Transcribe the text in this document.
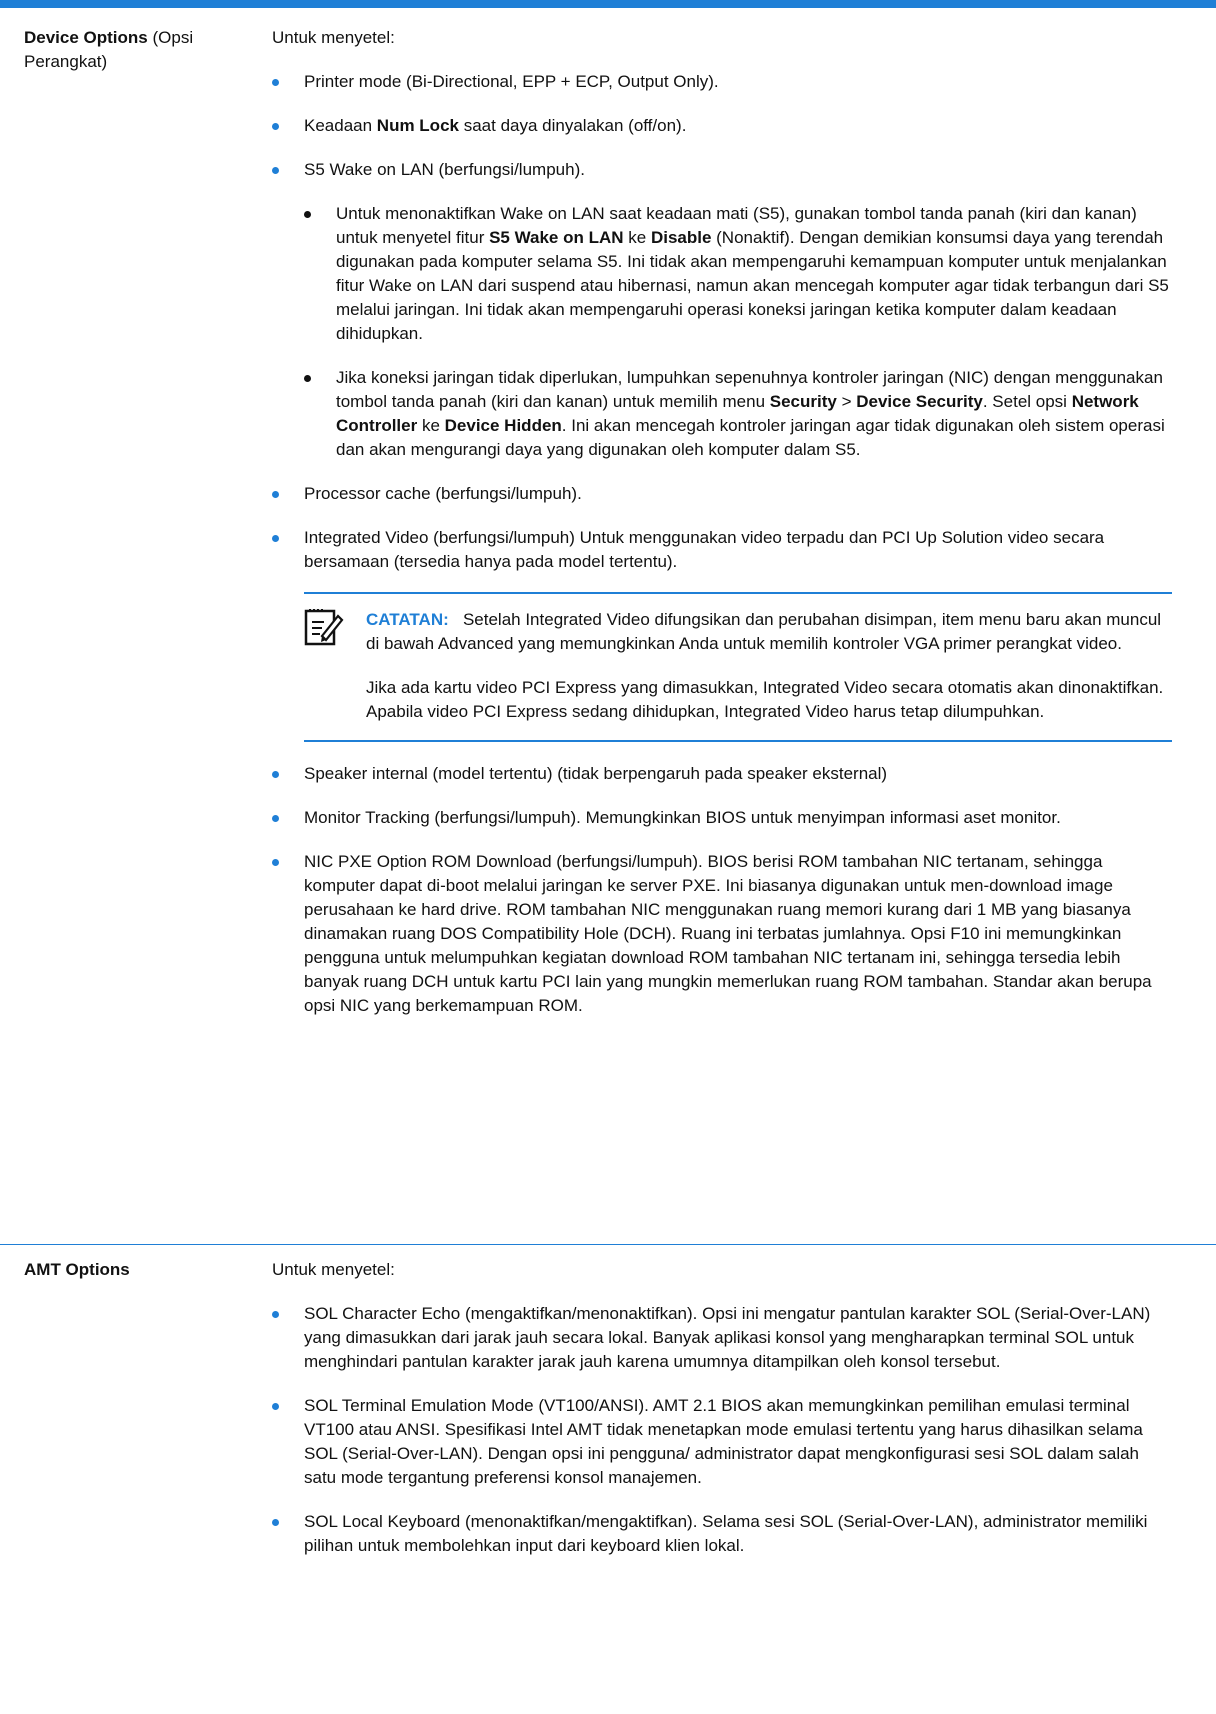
Device Options (Opsi Perangkat)

Untuk menyetel:

Printer mode (Bi-Directional, EPP + ECP, Output Only).
Keadaan Num Lock saat daya dinyalakan (off/on).
S5 Wake on LAN (berfungsi/lumpuh).
Untuk menonaktifkan Wake on LAN saat keadaan mati (S5), gunakan tombol tanda panah (kiri dan kanan) untuk menyetel fitur S5 Wake on LAN ke Disable (Nonaktif). Dengan demikian konsumsi daya yang terendah digunakan pada komputer selama S5. Ini tidak akan mempengaruhi kemampuan komputer untuk menjalankan fitur Wake on LAN dari suspend atau hibernasi, namun akan mencegah komputer agar tidak terbangun dari S5 melalui jaringan. Ini tidak akan mempengaruhi operasi koneksi jaringan ketika komputer dalam keadaan dihidupkan.
Jika koneksi jaringan tidak diperlukan, lumpuhkan sepenuhnya kontroler jaringan (NIC) dengan menggunakan tombol tanda panah (kiri dan kanan) untuk memilih menu Security > Device Security. Setel opsi Network Controller ke Device Hidden. Ini akan mencegah kontroler jaringan agar tidak digunakan oleh sistem operasi dan akan mengurangi daya yang digunakan oleh komputer dalam S5.
Processor cache (berfungsi/lumpuh).
Integrated Video (berfungsi/lumpuh) Untuk menggunakan video terpadu dan PCI Up Solution video secara bersamaan (tersedia hanya pada model tertentu).

CATATAN: Setelah Integrated Video difungsikan dan perubahan disimpan, item menu baru akan muncul di bawah Advanced yang memungkinkan Anda untuk memilih kontroler VGA primer perangkat video.

Jika ada kartu video PCI Express yang dimasukkan, Integrated Video secara otomatis akan dinonaktifkan. Apabila video PCI Express sedang dihidupkan, Integrated Video harus tetap dilumpuhkan.

Speaker internal (model tertentu) (tidak berpengaruh pada speaker eksternal)
Monitor Tracking (berfungsi/lumpuh). Memungkinkan BIOS untuk menyimpan informasi aset monitor.
NIC PXE Option ROM Download (berfungsi/lumpuh). BIOS berisi ROM tambahan NIC tertanam, sehingga komputer dapat di-boot melalui jaringan ke server PXE. Ini biasanya digunakan untuk men-download image perusahaan ke hard drive. ROM tambahan NIC menggunakan ruang memori kurang dari 1 MB yang biasanya dinamakan ruang DOS Compatibility Hole (DCH). Ruang ini terbatas jumlahnya. Opsi F10 ini memungkinkan pengguna untuk melumpuhkan kegiatan download ROM tambahan NIC tertanam ini, sehingga tersedia lebih banyak ruang DCH untuk kartu PCI lain yang mungkin memerlukan ruang ROM tambahan. Standar akan berupa opsi NIC yang berkemampuan ROM.
AMT Options	Untuk menyetel:

SOL Character Echo (mengaktifkan/menonaktifkan). Opsi ini mengatur pantulan karakter SOL (Serial-Over-LAN) yang dimasukkan dari jarak jauh secara lokal. Banyak aplikasi konsol yang mengharapkan terminal SOL untuk menghindari pantulan karakter jarak jauh karena umumnya ditampilkan oleh konsol tersebut.
SOL Terminal Emulation Mode (VT100/ANSI). AMT 2.1 BIOS akan memungkinkan pemilihan emulasi terminal VT100 atau ANSI. Spesifikasi Intel AMT tidak menetapkan mode emulasi tertentu yang harus dihasilkan selama SOL (Serial-Over-LAN). Dengan opsi ini pengguna/ administrator dapat mengkonfigurasi sesi SOL dalam salah satu mode tergantung preferensi konsol manajemen.
SOL Local Keyboard (menonaktifkan/mengaktifkan). Selama sesi SOL (Serial-Over-LAN), administrator memiliki pilihan untuk membolehkan input dari keyboard klien lokal.
